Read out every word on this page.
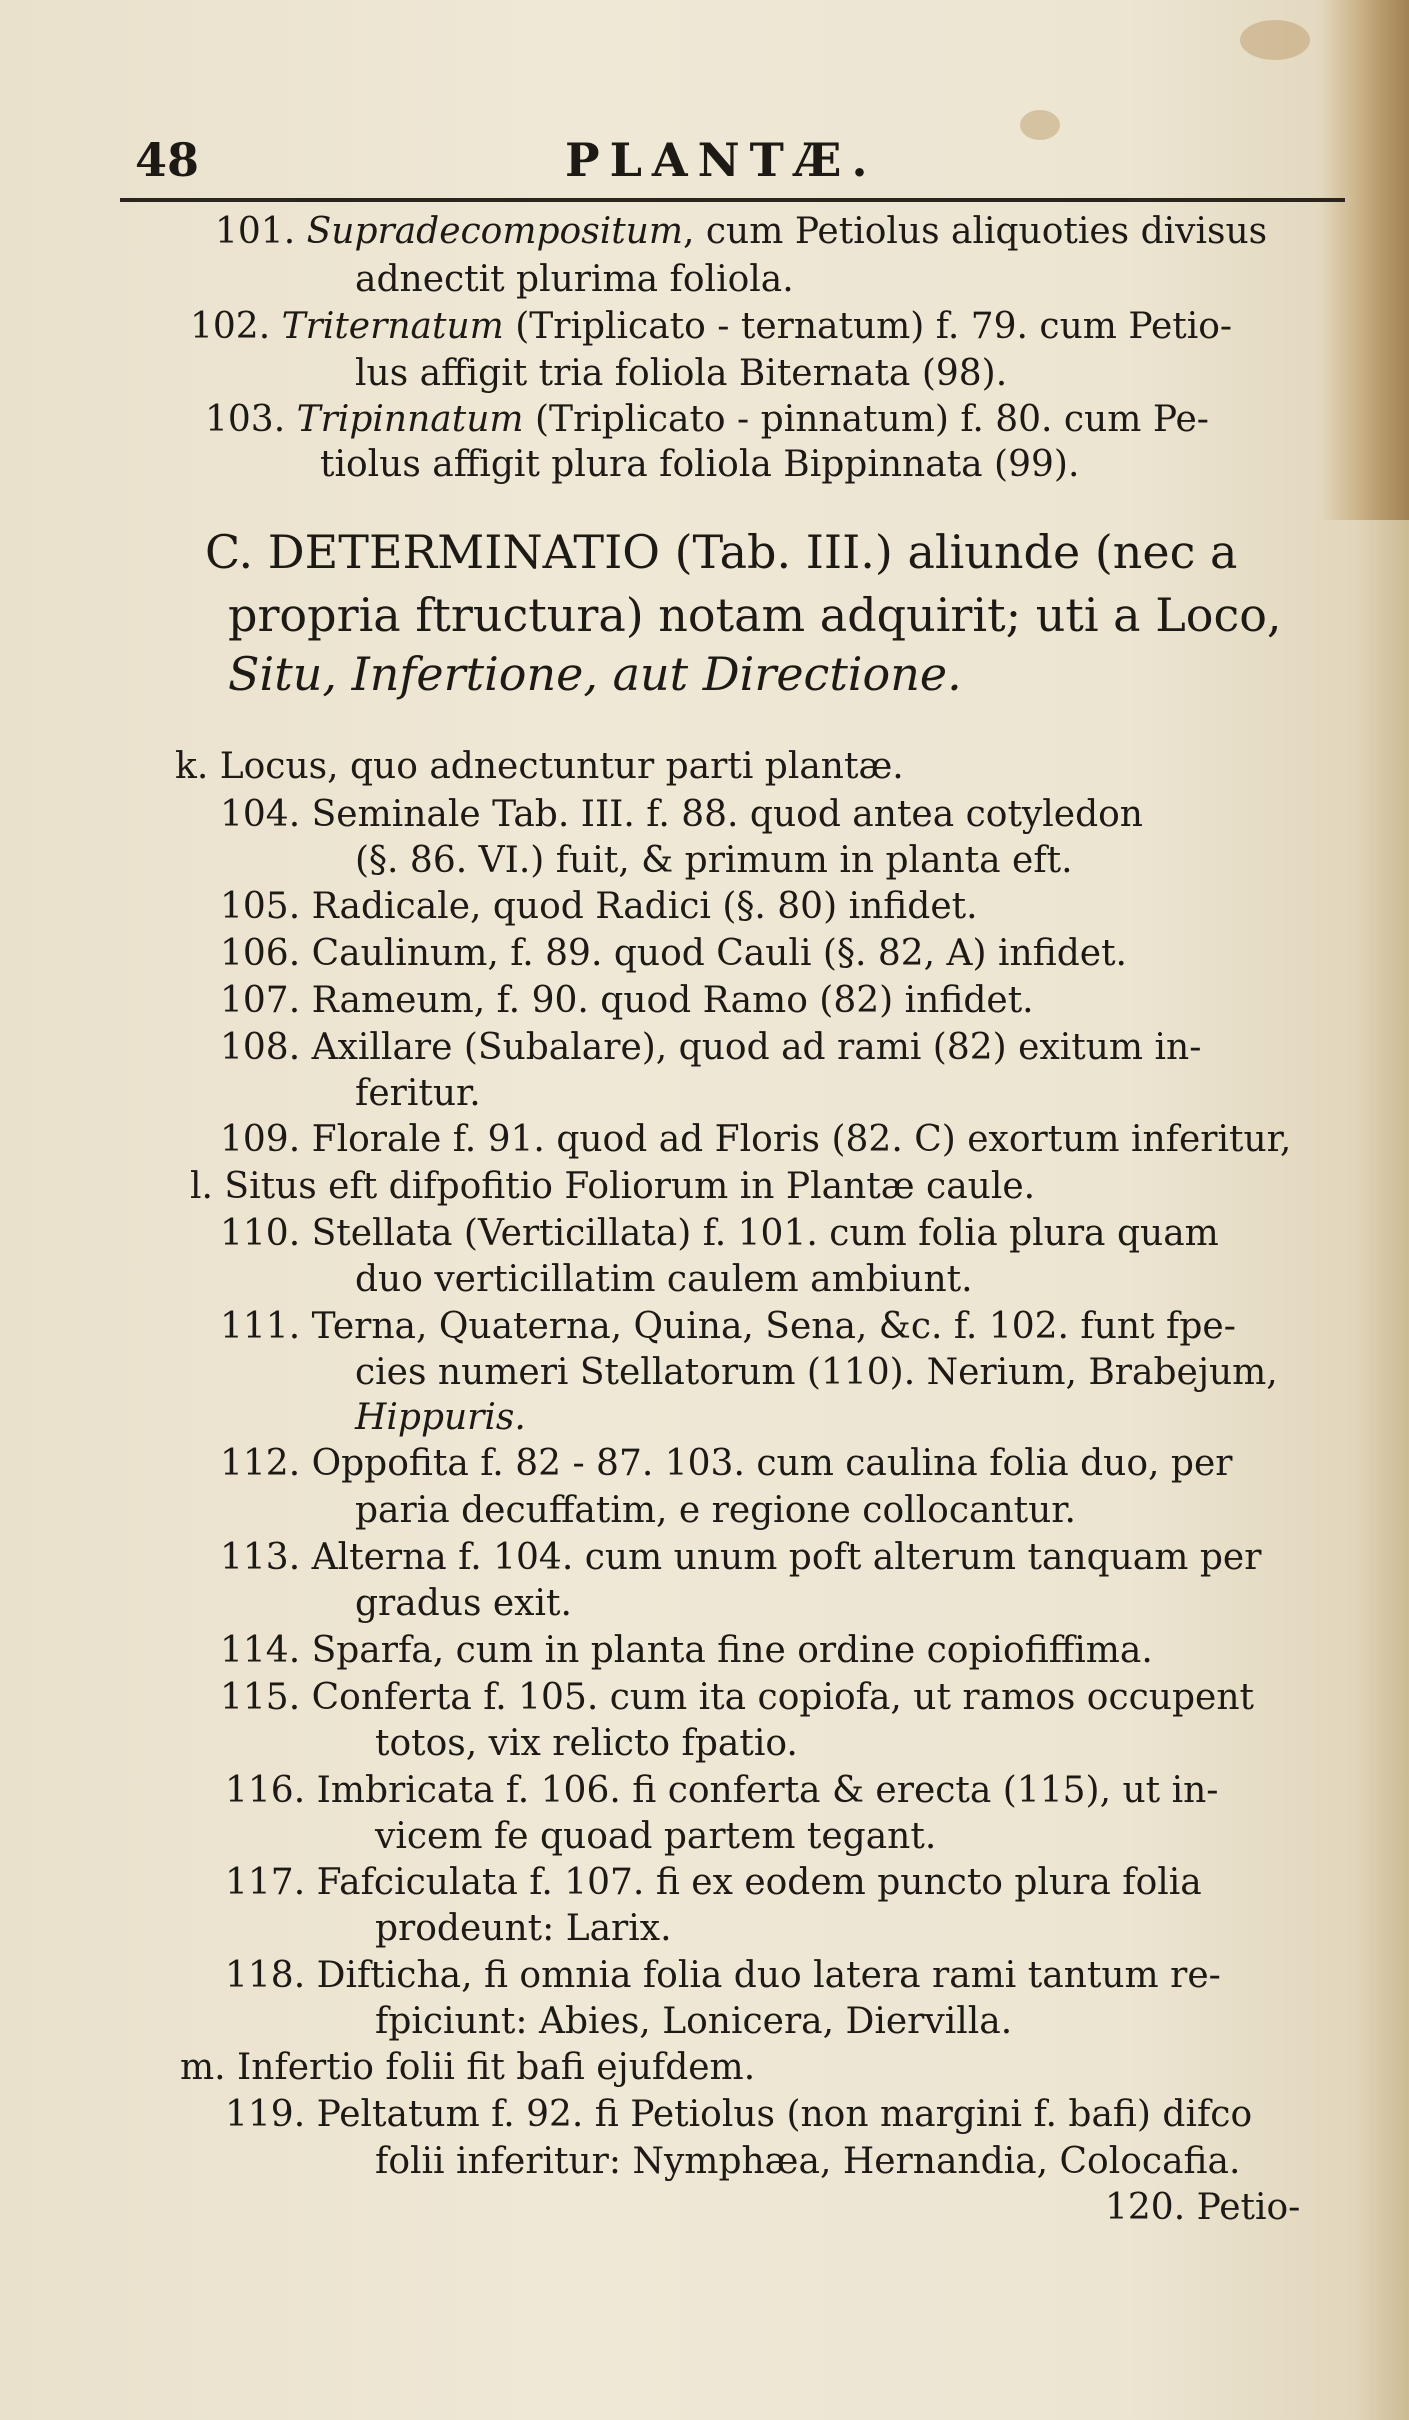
48	PLANTÆ.
101. Supradecompositum, cum Petiolus aliquoties divisus
adnectit plurima foliola.
102. Triternatum (Triplicato - ternatum) f. 79. cum Petio-
lus affigit tria foliola Biternata (98).
103. Tripinnatum (Triplicato - pinnatum) f. 80. cum Pe-
tiolus affigit plura foliola Bippinnata (99).
C. DETERMINATIO (Tab. III.) aliunde (nec a
propria ftructura) notam adquirit; uti a Loco,
Situ, Infertione, aut Directione.
k. Locus, quo adnectuntur parti plantæ.
104. Seminale Tab. III. f. 88. quod antea cotyledon
(§. 86. VI.) fuit, & primum in planta eft.
105. Radicale, quod Radici (§. 80) infidet.
106. Caulinum, f. 89. quod Cauli (§. 82, A) infidet.
107. Rameum, f. 90. quod Ramo (82) infidet.
108. Axillare (Subalare), quod ad rami (82) exitum in-
feritur.
109. Florale f. 91. quod ad Floris (82. C) exortum inferitur,
l. Situs eft difpofitio Foliorum in Plantæ caule.
110. Stellata (Verticillata) f. 101. cum folia plura quam
duo verticillatim caulem ambiunt.
111. Terna, Quaterna, Quina, Sena, &c. f. 102. funt fpe-
cies numeri Stellatorum (110). Nerium, Brabejum,
Hippuris.
112. Oppofita f. 82 - 87. 103. cum caulina folia duo, per
paria decuffatim, e regione collocantur.
113. Alterna f. 104. cum unum poft alterum tanquam per
gradus exit.
114. Sparfa, cum in planta fine ordine copiofiffima.
115. Conferta f. 105. cum ita copiofa, ut ramos occupent
totos, vix relicto fpatio.
116. Imbricata f. 106. fi conferta & erecta (115), ut in-
vicem fe quoad partem tegant.
117. Fafciculata f. 107. fi ex eodem puncto plura folia
prodeunt: Larix.
118. Difticha, fi omnia folia duo latera rami tantum re-
fpiciunt: Abies, Lonicera, Diervilla.
m. Infertio folii fit bafi ejufdem.
119. Peltatum f. 92. fi Petiolus (non margini f. bafi) difco
folii inferitur: Nymphæa, Hernandia, Colocafia.
120. Petio-
